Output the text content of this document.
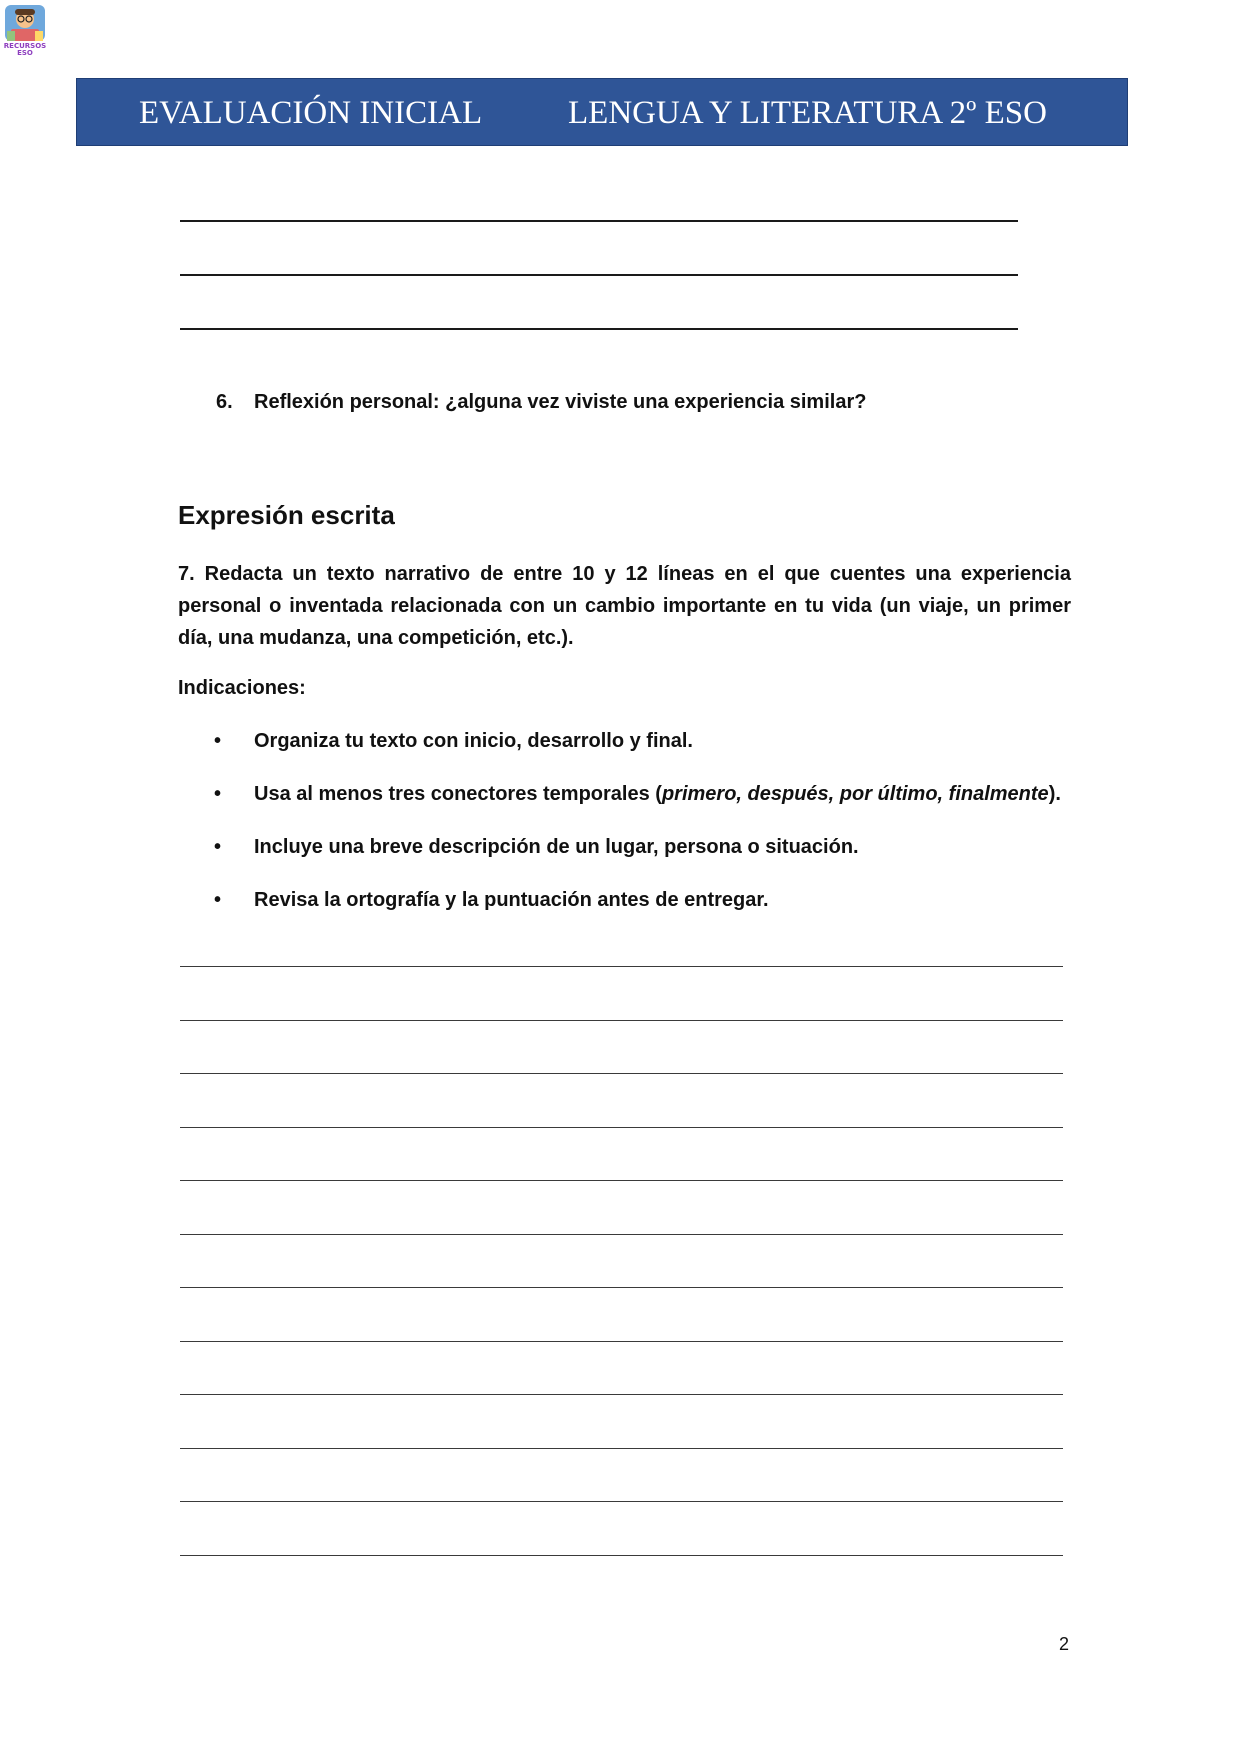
RECURSOS
ESO
EVALUACIÓN INICIAL	LENGUA Y LITERATURA 2º ESO
6. Reflexión personal: ¿alguna vez viviste una experiencia similar?
Expresión escrita
7. Redacta un texto narrativo de entre 10 y 12 líneas en el que cuentes una experiencia personal o inventada relacionada con un cambio importante en tu vida (un viaje, un primer día, una mudanza, una competición, etc.).
Indicaciones:
• Organiza tu texto con inicio, desarrollo y final.
• Usa al menos tres conectores temporales (primero, después, por último, finalmente).
• Incluye una breve descripción de un lugar, persona o situación.
• Revisa la ortografía y la puntuación antes de entregar.
2
